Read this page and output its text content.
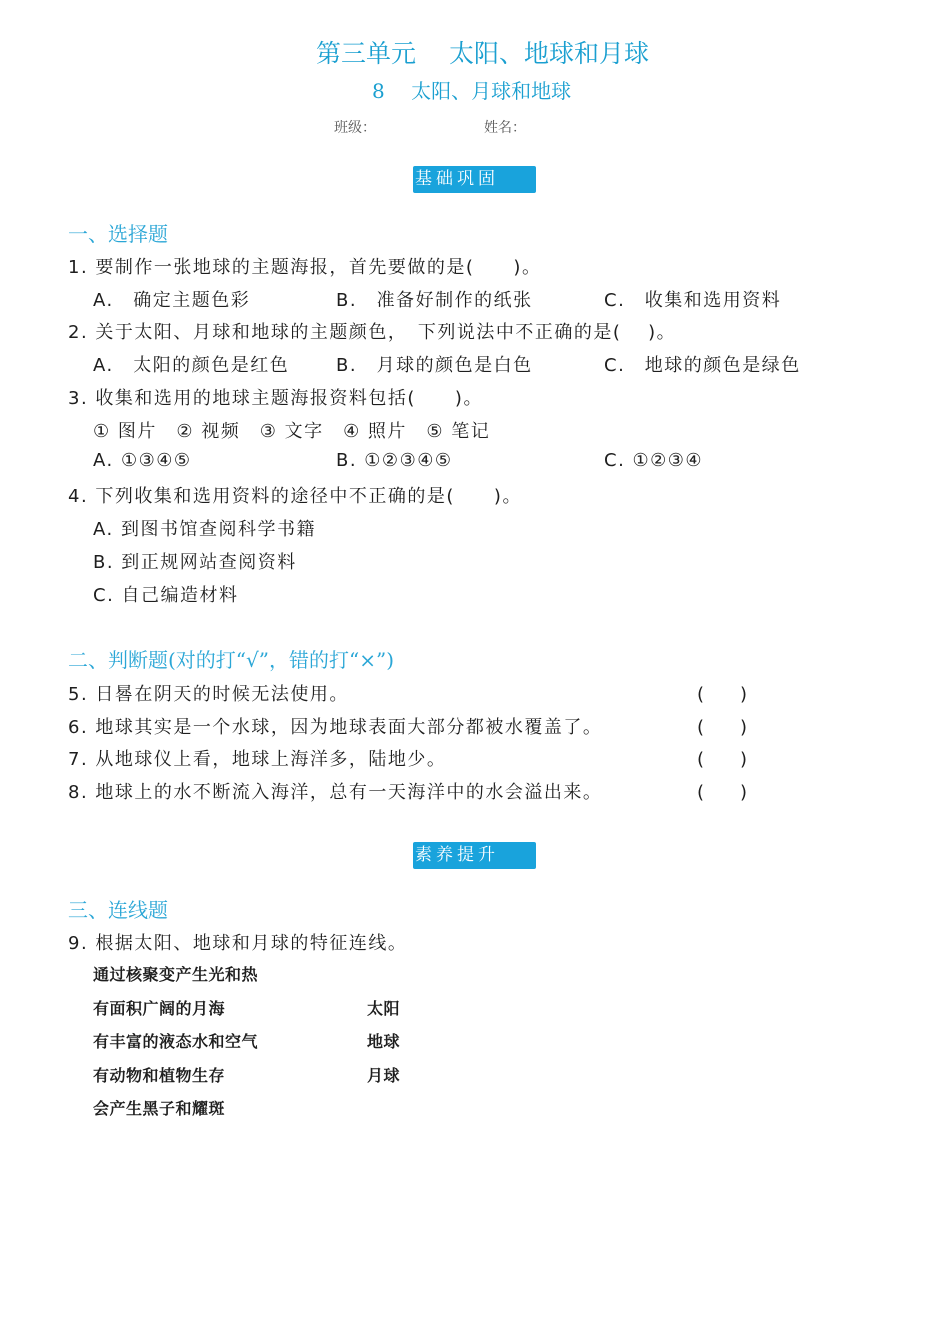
第三单元　 太阳、地球和月球
8　 太阳、月球和地球
班级：	姓名：
基础巩固
一、选择题
1. 要制作一张地球的主题海报，首先要做的是(　　)。
A.　确定主题色彩	B.　准备好制作的纸张	C.　收集和选用资料
2. 关于太阳、月球和地球的主题颜色，　下列说法中不正确的是(　 )。
A.　太阳的颜色是红色	B.　月球的颜色是白色	C.　地球的颜色是绿色
3. 收集和选用的地球主题海报资料包括(　　)。
① 图片　② 视频　③ 文字　④ 照片　⑤ 笔记
A. ①③④⑤	B. ①②③④⑤	C. ①②③④
4. 下列收集和选用资料的途径中不正确的是(　　)。
A. 到图书馆查阅科学书籍
B. 到正规网站查阅资料
C. 自己编造材料
二、判断题(对的打“√”，错的打“×”)
5. 日晷在阴天的时候无法使用。	(　　)
6. 地球其实是一个水球，因为地球表面大部分都被水覆盖了。	(　　)
7. 从地球仪上看，地球上海洋多，陆地少。	(　　)
8. 地球上的水不断流入海洋，总有一天海洋中的水会溢出来。	(　　)
素养提升
三、连线题
9. 根据太阳、地球和月球的特征连线。
通过核聚变产生光和热
有面积广阔的月海
有丰富的液态水和空气
有动物和植物生存
会产生黑子和耀斑
太阳
地球
月球
